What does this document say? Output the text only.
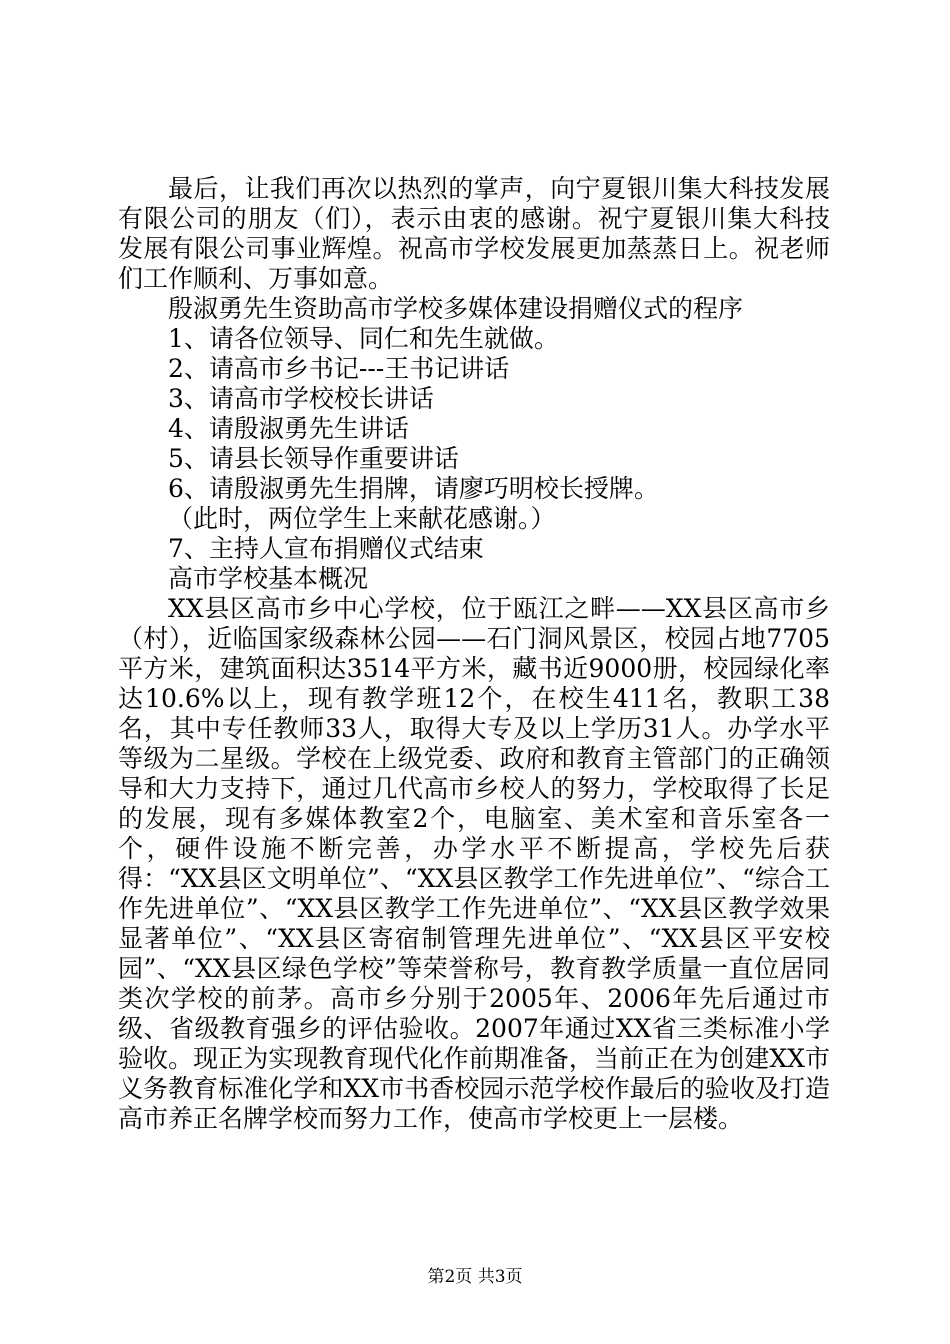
最后，让我们再次以热烈的掌声，向宁夏银川集大科技发展有限公司的朋友（们），表示由衷的感谢。祝宁夏银川集大科技发展有限公司事业辉煌。祝高市学校发展更加蒸蒸日上。祝老师们工作顺利、万事如意。

殷淑勇先生资助高市学校多媒体建设捐赠仪式的程序

1、请各位领导、同仁和先生就做。

2、请高市乡书记---王书记讲话

3、请高市学校校长讲话

4、请殷淑勇先生讲话

5、请县长领导作重要讲话

6、请殷淑勇先生捐牌，请廖巧明校长授牌。

（此时，两位学生上来献花感谢。）

7、主持人宣布捐赠仪式结束

高市学校基本概况

XX县区高市乡中心学校，位于瓯江之畔——XX县区高市乡（村），近临国家级森林公园——石门洞风景区，校园占地7705平方米，建筑面积达3514平方米，藏书近9000册，校园绿化率达10.6%以上，现有教学班12个，在校生411名，教职工38名，其中专任教师33人，取得大专及以上学历31人。办学水平等级为二星级。学校在上级党委、政府和教育主管部门的正确领导和大力支持下，通过几代高市乡校人的努力，学校取得了长足的发展，现有多媒体教室2个，电脑室、美术室和音乐室各一个，硬件设施不断完善，办学水平不断提高，学校先后获得：“XX县区文明单位”、“XX县区教学工作先进单位”、“综合工作先进单位”、“XX县区教学工作先进单位”、“XX县区教学效果显著单位”、“XX县区寄宿制管理先进单位”、“XX县区平安校园”、“XX县区绿色学校”等荣誉称号，教育教学质量一直位居同类次学校的前茅。高市乡分别于2005年、2006年先后通过市级、省级教育强乡的评估验收。2007年通过XX省三类标准小学验收。现正为实现教育现代化作前期准备，当前正在为创建XX市义务教育标准化学和XX市书香校园示范学校作最后的验收及打造高市养正名牌学校而努力工作，使高市学校更上一层楼。

第2页 共3页
